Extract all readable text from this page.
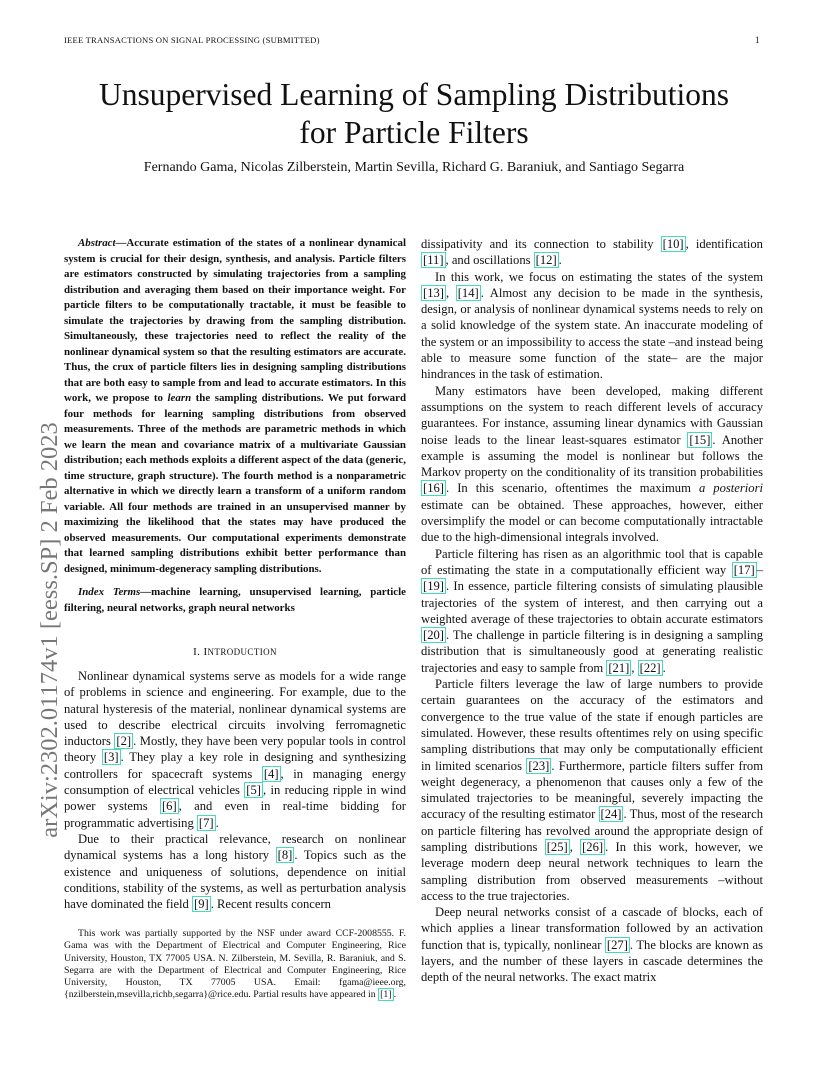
IEEE TRANSACTIONS ON SIGNAL PROCESSING (SUBMITTED)	1
Unsupervised Learning of Sampling Distributions
for Particle Filters
Fernando Gama, Nicolas Zilberstein, Martin Sevilla, Richard G. Baraniuk, and Santiago Segarra
arXiv:2302.01174v1 [eess.SP] 2 Feb 2023

Abstract—Accurate estimation of the states of a nonlinear dynamical system is crucial for their design, synthesis, and analysis. Particle filters are estimators constructed by simulating trajectories from a sampling distribution and averaging them based on their importance weight. For particle filters to be computationally tractable, it must be feasible to simulate the trajectories by drawing from the sampling distribution. Simultaneously, these trajectories need to reflect the reality of the nonlinear dynamical system so that the resulting estimators are accurate. Thus, the crux of particle filters lies in designing sampling distributions that are both easy to sample from and lead to accurate estimators. In this work, we propose to learn the sampling distributions. We put forward four methods for learning sampling distributions from observed measurements. Three of the methods are parametric methods in which we learn the mean and covariance matrix of a multivariate Gaussian distribution; each methods exploits a different aspect of the data (generic, time structure, graph structure). The fourth method is a nonparametric alternative in which we directly learn a transform of a uniform random variable. All four methods are trained in an unsupervised manner by maximizing the likelihood that the states may have produced the observed measurements. Our computational experiments demonstrate that learned sampling distributions exhibit better performance than designed, minimum-degeneracy sampling distributions.

Index Terms—machine learning, unsupervised learning, particle filtering, neural networks, graph neural networks

I. INTRODUCTION

Nonlinear dynamical systems serve as models for a wide range of problems in science and engineering. For example, due to the natural hysteresis of the material, nonlinear dynamical systems are used to describe electrical circuits involving ferromagnetic inductors [2] . Mostly, they have been very popular tools in control theory [3] . They play a key role in designing and synthesizing controllers for spacecraft systems [4] , in managing energy consumption of electrical vehicles [5] , in reducing ripple in wind power systems [6] , and even in real-time bidding for programmatic advertising [7] .

Due to their practical relevance, research on nonlinear dynamical systems has a long history [8] . Topics such as the existence and uniqueness of solutions, dependence on initial conditions, stability of the systems, as well as perturbation analysis have dominated the field [9] . Recent results concern

This work was partially supported by the NSF under award CCF-2008555. F. Gama was with the Department of Electrical and Computer Engineering, Rice University, Houston, TX 77005 USA. N. Zilberstein, M. Sevilla, R. Baraniuk, and S. Segarra are with the Department of Electrical and Computer Engineering, Rice University, Houston, TX 77005 USA. Email: fgama@ieee.org, {nzilberstein,msevilla,richb,segarra}@rice.edu. Partial results have appeared in [1] .

dissipativity and its connection to stability [10] , identification [11] , and oscillations [12] .

In this work, we focus on estimating the states of the system [13] , [14] . Almost any decision to be made in the synthesis, design, or analysis of nonlinear dynamical systems needs to rely on a solid knowledge of the system state. An inaccurate modeling of the system or an impossibility to access the state –and instead being able to measure some function of the state– are the major hindrances in the task of estimation.

Many estimators have been developed, making different assumptions on the system to reach different levels of accuracy guarantees. For instance, assuming linear dynamics with Gaussian noise leads to the linear least-squares estimator [15] . Another example is assuming the model is nonlinear but follows the Markov property on the conditionality of its transition probabilities [16] . In this scenario, oftentimes the maximum a posteriori estimate can be obtained. These approaches, however, either oversimplify the model or can become computationally intractable due to the high-dimensional integrals involved.

Particle filtering has risen as an algorithmic tool that is capable of estimating the state in a computationally efficient way [17] –[19] . In essence, particle filtering consists of simulating plausible trajectories of the system of interest, and then carrying out a weighted average of these trajectories to obtain accurate estimators [20] . The challenge in particle filtering is in designing a sampling distribution that is simultaneously good at generating realistic trajectories and easy to sample from [21] , [22] .

Particle filters leverage the law of large numbers to provide certain guarantees on the accuracy of the estimators and convergence to the true value of the state if enough particles are simulated. However, these results oftentimes rely on using specific sampling distributions that may only be computationally efficient in limited scenarios [23] . Furthermore, particle filters suffer from weight degeneracy, a phenomenon that causes only a few of the simulated trajectories to be meaningful, severely impacting the accuracy of the resulting estimator [24] . Thus, most of the research on particle filtering has revolved around the appropriate design of sampling distributions [25] , [26] . In this work, however, we leverage modern deep neural network techniques to learn the sampling distribution from observed measurements –without access to the true trajectories.

Deep neural networks consist of a cascade of blocks, each of which applies a linear transformation followed by an activation function that is, typically, nonlinear [27] . The blocks are known as layers, and the number of these layers in cascade determines the depth of the neural networks. The exact matrix
